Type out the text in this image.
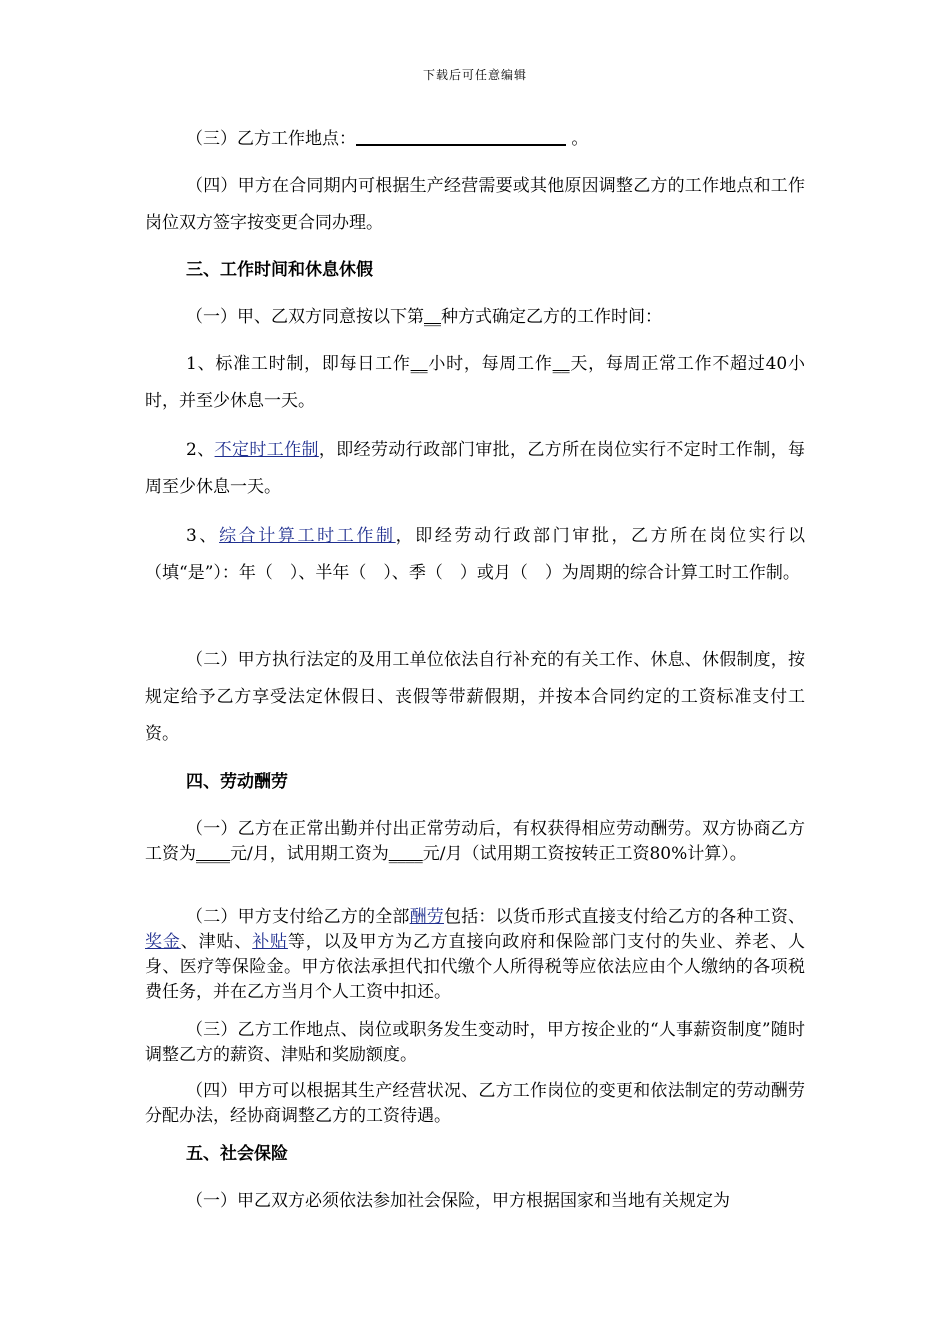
下载后可任意编辑

（三）乙方工作地点：	。

（四）甲方在合同期内可根据生产经营需要或其他原因调整乙方的工作地点和工作岗位双方签字按变更合同办理。

三、工作时间和休息休假

（一）甲、乙双方同意按以下第__种方式确定乙方的工作时间：

1、标准工时制，即每日工作__小时，每周工作__天，每周正常工作不超过40小时，并至少休息一天。

2、不定时工作制，即经劳动行政部门审批，乙方所在岗位实行不定时工作制，每周至少休息一天。

3、综合计算工时工作制，即经劳动行政部门审批，乙方所在岗位实行以（填“是”）：年（　）、半年（　）、季（　）或月（　）为周期的综合计算工时工作制。

（二）甲方执行法定的及用工单位依法自行补充的有关工作、休息、休假制度，按规定给予乙方享受法定休假日、丧假等带薪假期，并按本合同约定的工资标准支付工资。

四、劳动酬劳

（一）乙方在正常出勤并付出正常劳动后，有权获得相应劳动酬劳。双方协商乙方工资为____元/月，试用期工资为____元/月（试用期工资按转正工资80%计算）。

（二）甲方支付给乙方的全部酬劳包括：以货币形式直接支付给乙方的各种工资、奖金、津贴、补贴等，以及甲方为乙方直接向政府和保险部门支付的失业、养老、人身、医疗等保险金。甲方依法承担代扣代缴个人所得税等应依法应由个人缴纳的各项税费任务，并在乙方当月个人工资中扣还。

（三）乙方工作地点、岗位或职务发生变动时，甲方按企业的“人事薪资制度”随时调整乙方的薪资、津贴和奖励额度。

（四）甲方可以根据其生产经营状况、乙方工作岗位的变更和依法制定的劳动酬劳分配办法，经协商调整乙方的工资待遇。

五、社会保险

（一）甲乙双方必须依法参加社会保险，甲方根据国家和当地有关规定为
